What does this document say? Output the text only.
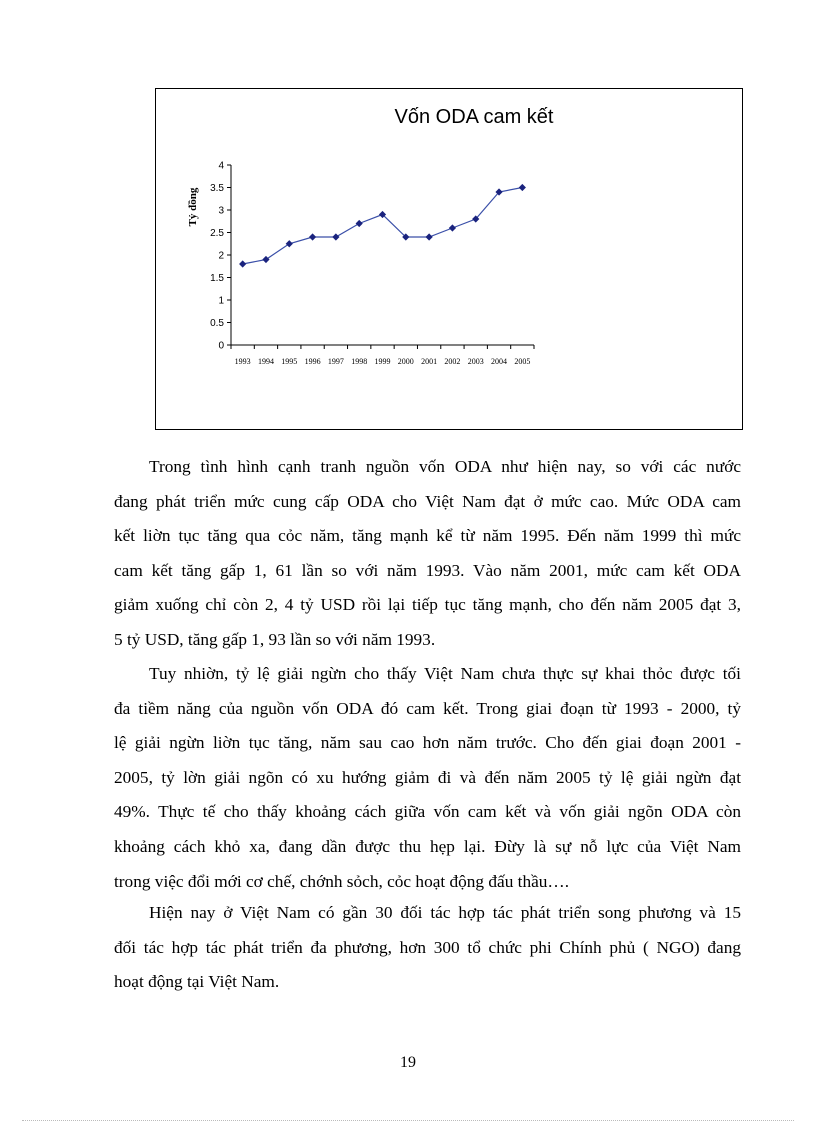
Vốn ODA cam kết
Tỷ đồng
0
0.5
1
1.5
2
2.5
3
3.5
4
1993 1994 1995 1996 1997 1998 1999 2000 2001 2002 2003 2004 2005
Trong tình hình cạnh tranh nguồn vốn ODA như hiện nay, so với các nước
đang phát triển mức cung cấp ODA cho Việt Nam đạt ở mức cao. Mức ODA cam
kết liờn tục tăng qua cỏc năm, tăng mạnh kể từ năm 1995. Đến năm 1999 thì mức
cam kết tăng gấp 1, 61 lần so với năm 1993. Vào năm 2001, mức cam kết ODA
giảm xuống chỉ còn 2, 4 tỷ USD rồi lại tiếp tục tăng mạnh, cho đến năm 2005 đạt 3,
5 tỷ USD, tăng gấp 1, 93 lần so với năm 1993.
Tuy nhiờn, tỷ lệ giải ngừn cho thấy Việt Nam chưa thực sự khai thỏc được tối
đa tiềm năng của nguồn vốn ODA đó cam kết. Trong giai đoạn từ 1993 - 2000, tỷ
lệ giải ngừn liờn tục tăng, năm sau cao hơn năm trước. Cho đến giai đoạn 2001 -
2005, tỷ lờn giải ngõn có xu hướng giảm đi và đến năm 2005 tỷ lệ giải ngừn đạt
49%. Thực tế cho thấy khoảng cách giữa vốn cam kết và vốn giải ngõn ODA còn
khoảng cách khỏ xa, đang dần được thu hẹp lại. Đừy là sự nỗ lực của Việt Nam
trong việc đổi mới cơ chế, chớnh sỏch, cỏc hoạt động đấu thầu….
Hiện nay ở Việt Nam có gần 30 đối tác hợp tác phát triển song phương và 15
đối tác hợp tác phát triển đa phương, hơn 300 tổ chức phi Chính phủ ( NGO) đang
hoạt động tại Việt Nam.
19
